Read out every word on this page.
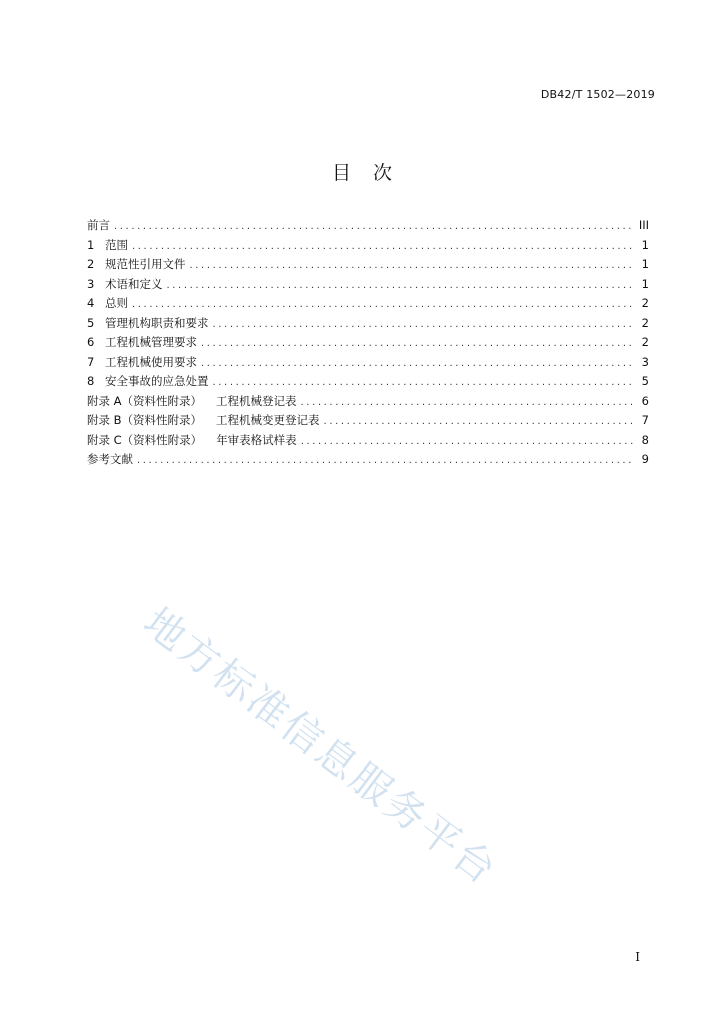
DB42/T 1502—2019
目 次
前言 .....	III
1 范围 .....	1
2 规范性引用文件 .....	1
3 术语和定义 .....	1
4 总则 .....	2
5 管理机构职责和要求 .....	2
6 工程机械管理要求 .....	2
7 工程机械使用要求 .....	3
8 安全事故的应急处置 .....	5
附录 A（资料性附录） 工程机械登记表 .....	6
附录 B（资料性附录） 工程机械变更登记表 .....	7
附录 C（资料性附录） 年审表格试样表 .....	8
参考文献 .....	9
地方标准信息服务平台
I
